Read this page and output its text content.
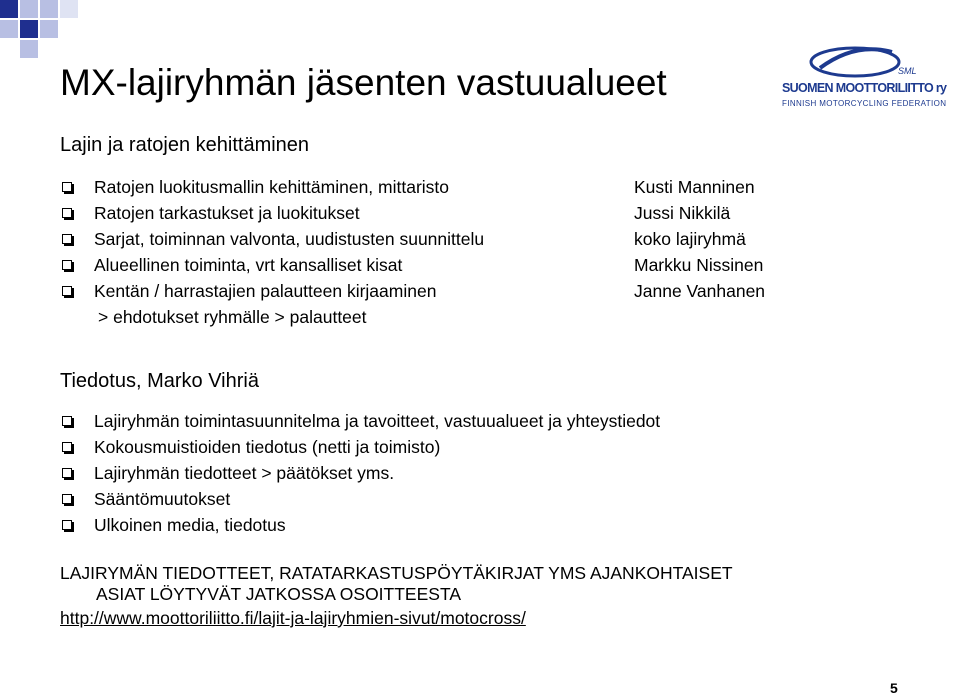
SML
SUOMEN MOOTTORILIITTO ry
FINNISH MOTORCYCLING FEDERATION
MX-lajiryhmän jäsenten vastuualueet
Lajin ja ratojen kehittäminen
Ratojen luokitusmallin kehittäminen, mittaristo
Ratojen tarkastukset ja luokitukset
Sarjat, toiminnan valvonta, uudistusten suunnittelu
Alueellinen toiminta, vrt kansalliset kisat
Kentän / harrastajien palautteen kirjaaminen
Kusti Manninen
Jussi Nikkilä
koko lajiryhmä
Markku Nissinen
Janne Vanhanen
> ehdotukset ryhmälle > palautteet
Tiedotus, Marko Vihriä
Lajiryhmän toimintasuunnitelma ja tavoitteet, vastuualueet ja yhteystiedot
Kokousmuistioiden tiedotus (netti ja toimisto)
Lajiryhmän tiedotteet > päätökset yms.
Sääntömuutokset
Ulkoinen media, tiedotus
LAJIRYMÄN TIEDOTTEET, RATATARKASTUSPÖYTÄKIRJAT YMS AJANKOHTAISET
ASIAT LÖYTYVÄT JATKOSSA OSOITTEESTA
http://www.moottoriliitto.fi/lajit-ja-lajiryhmien-sivut/motocross/
5
